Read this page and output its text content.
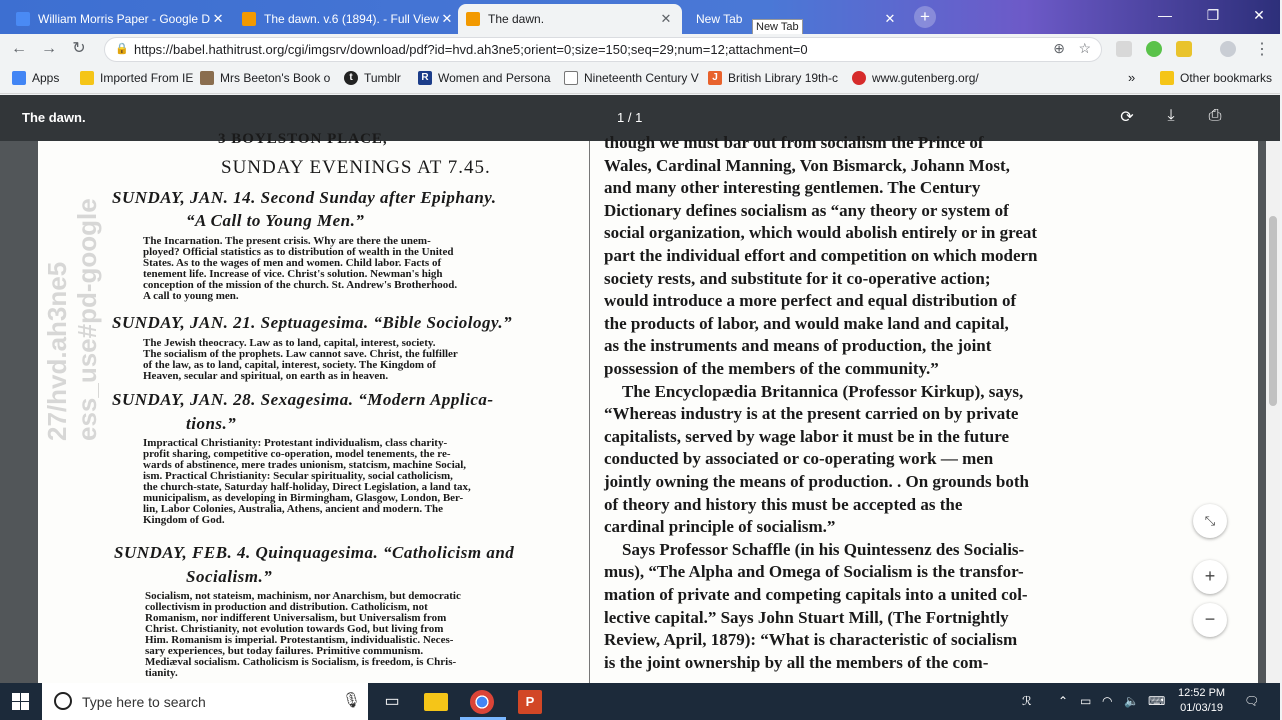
William Morris Paper - Google D ✕	The dawn. v.6 (1894). - Full View ✕	The dawn.	✕	New Tab	✕	+
New Tab
—	❐	✕
← → ↻	🔒 https://babel.hathitrust.org/cgi/imgsrv/download/pdf?id=hvd.ah3ne5;orient=0;size=150;seq=29;num=12;attachment=0	⊕ ☆	⋮
Apps	Imported From IE Mrs Beeton's Book o	t Tumblr	R Women and Persona	Nineteenth Century V	J British Library 19th-c	www.gutenberg.org/	»	Other bookmarks
The dawn.	1 / 1	⟳	⤓	⎙
27/hvd.ah3ne5 ess_use#pd-google
3 BOYLSTON PLACE,
SUNDAY EVENINGS AT 7.45.
SUNDAY, JAN. 14. Second Sunday after Epiphany.
“A Call to Young Men.”
The Incarnation. The present crisis. Why are there the unem-
ployed? Official statistics as to distribution of wealth in the United
States. As to the wages of men and women. Child labor. Facts of
tenement life. Increase of vice. Christ's solution. Newman's high
conception of the mission of the church. St. Andrew's Brotherhood.
A call to young men.
SUNDAY, JAN. 21. Septuagesima. “Bible Sociology.”
The Jewish theocracy. Law as to land, capital, interest, society.
The socialism of the prophets. Law cannot save. Christ, the fulfiller
of the law, as to land, capital, interest, society. The Kingdom of
Heaven, secular and spiritual, on earth as in heaven.
SUNDAY, JAN. 28. Sexagesima. “Modern Applica-
tions.”
Impractical Christianity: Protestant individualism, class charity-
profit sharing, competitive co-operation, model tenements, the re-
wards of abstinence, mere trades unionism, statcism, machine Social,
ism. Practical Christianity: Secular spirituality, social catholicism,
the church-state, Saturday half-holiday, Direct Legislation, a land tax,
municipalism, as developing in Birmingham, Glasgow, London, Ber-
lin, Labor Colonies, Australia, Athens, ancient and modern. The
Kingdom of God.
SUNDAY, FEB. 4. Quinquagesima. “Catholicism and
Socialism.”
Socialism, not stateism, machinism, nor Anarchism, but democratic
collectivism in production and distribution. Catholicism, not
Romanism, nor indifferent Universalism, but Universalism from
Christ. Christianity, not evolution towards God, but living from
Him. Romanism is imperial. Protestantism, individualistic. Neces-
sary experiences, but today failures. Primitive communism.
Mediæval socialism. Catholicism is Socialism, is freedom, is Chris-
tianity.
though we must bar out from socialism the Prince of
Wales, Cardinal Manning, Von Bismarck, Johann Most,
and many other interesting gentlemen. The Century
Dictionary defines socialism as “any theory or system of
social organization, which would abolish entirely or in great
part the individual effort and competition on which modern
society rests, and substitute for it co-operative action;
would introduce a more perfect and equal distribution of
the products of labor, and would make land and capital,
as the instruments and means of production, the joint
possession of the members of the community.”
The Encyclopædia Britannica (Professor Kirkup), says,
“Whereas industry is at the present carried on by private
capitalists, served by wage labor it must be in the future
conducted by associated or co-operating work — men
jointly owning the means of production. . On grounds both
of theory and history this must be accepted as the
cardinal principle of socialism.”
Says Professor Schaffle (in his Quintessenz des Socialis-
mus), “The Alpha and Omega of Socialism is the transfor-
mation of private and competing capitals into a united col-
lective capital.” Says John Stuart Mill, (The Fortnightly
Review, April, 1879): “What is characteristic of socialism
is the joint ownership by all the members of the com-
⤡
+
−
Type here to search	🎙 ▭	P	ℛ ⌃ ▭ ◠ 🔈 ⌨
12:52 PM
01/03/19 🗨
